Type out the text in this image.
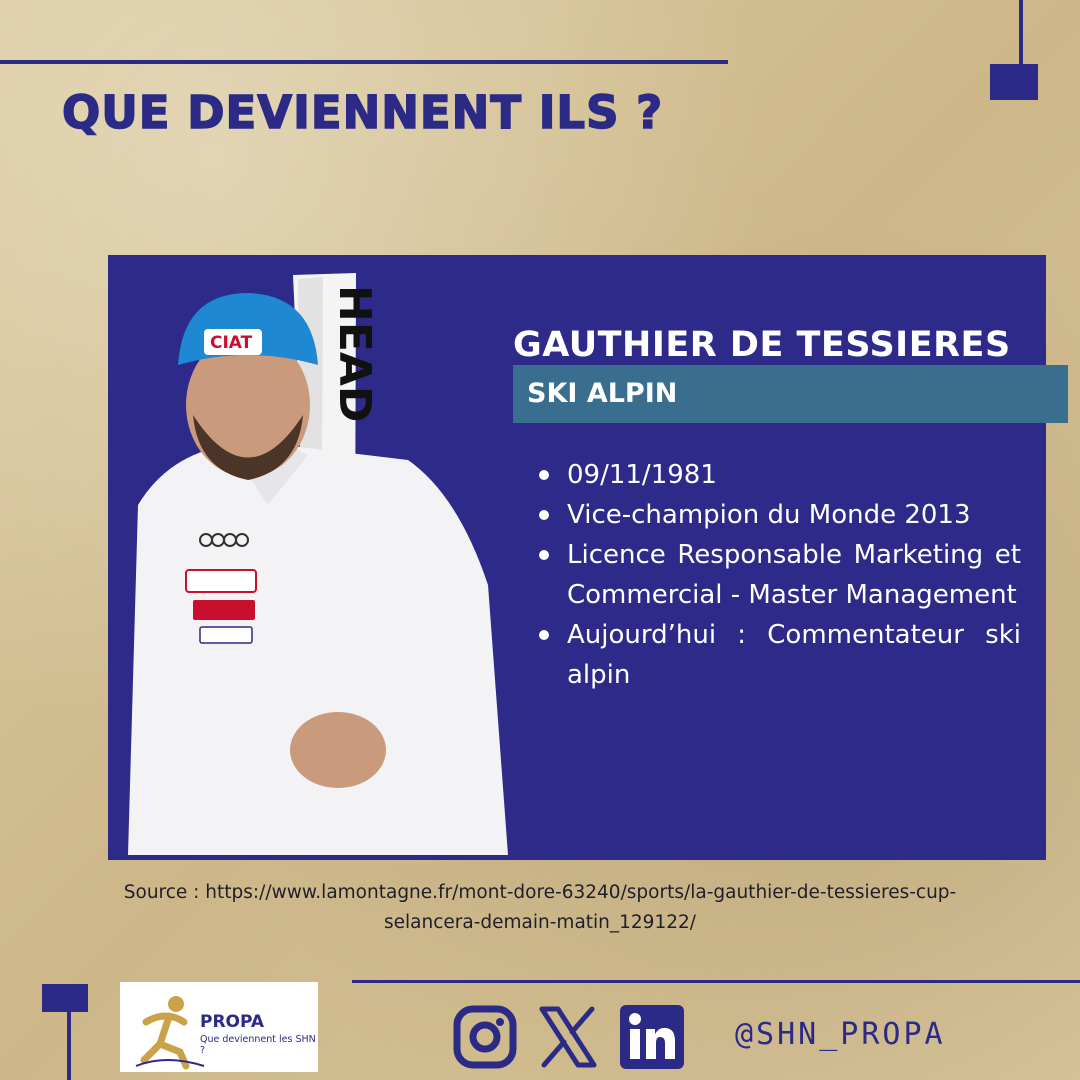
QUE DEVIENNENT ILS ?
HEAD
CIAT	GAUTHIER DE TESSIERES
SKI ALPIN
09/11/1981
Vice-champion du Monde 2013
Licence Responsable Marketing et Commercial - Master Management
Aujourd’hui : Commentateur ski alpin
Source : https://www.lamontagne.fr/mont-dore-63240/sports/la-gauthier-de-tessieres-cup-
selancera-demain-matin_129122/
PROPA
Que deviennent les SHN ?	@SHN_PROPA
